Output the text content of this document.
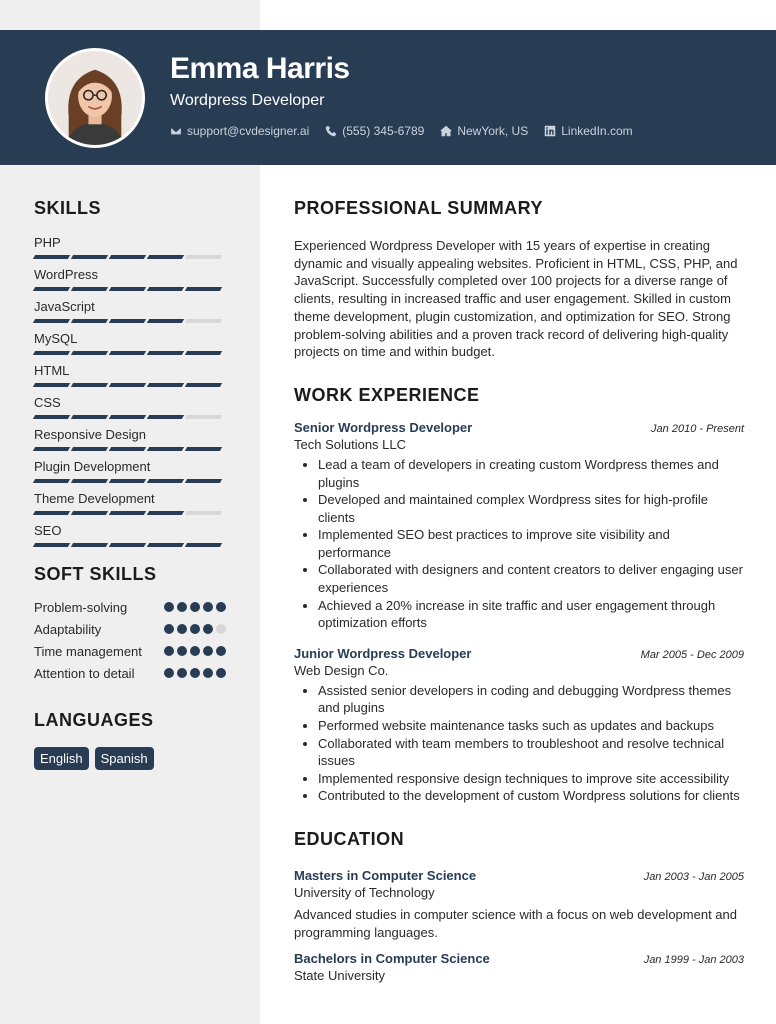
Emma Harris
Wordpress Developer
support@cvdesigner.ai	(555) 345-6789	NewYork, US	LinkedIn.com
SKILLS
PHP
WordPress
JavaScript
MySQL
HTML
CSS
Responsive Design
Plugin Development
Theme Development
SEO
SOFT SKILLS
Problem-solving
Adaptability
Time management
Attention to detail
LANGUAGES
English	Spanish
PROFESSIONAL SUMMARY
Experienced Wordpress Developer with 15 years of expertise in creating dynamic and visually appealing websites. Proficient in HTML, CSS, PHP, and JavaScript. Successfully completed over 100 projects for a diverse range of clients, resulting in increased traffic and user engagement. Skilled in custom theme development, plugin customization, and optimization for SEO. Strong problem-solving abilities and a proven track record of delivering high-quality projects on time and within budget.
WORK EXPERIENCE
Senior Wordpress Developer	Jan 2010 - Present
Tech Solutions LLC
• Lead a team of developers in creating custom Wordpress themes and plugins
• Developed and maintained complex Wordpress sites for high-profile clients
• Implemented SEO best practices to improve site visibility and performance
• Collaborated with designers and content creators to deliver engaging user experiences
• Achieved a 20% increase in site traffic and user engagement through optimization efforts
Junior Wordpress Developer	Mar 2005 - Dec 2009
Web Design Co.
• Assisted senior developers in coding and debugging Wordpress themes and plugins
• Performed website maintenance tasks such as updates and backups
• Collaborated with team members to troubleshoot and resolve technical issues
• Implemented responsive design techniques to improve site accessibility
• Contributed to the development of custom Wordpress solutions for clients
EDUCATION
Masters in Computer Science	Jan 2003 - Jan 2005
University of Technology
Advanced studies in computer science with a focus on web development and programming languages.
Bachelors in Computer Science	Jan 1999 - Jan 2003
State University
